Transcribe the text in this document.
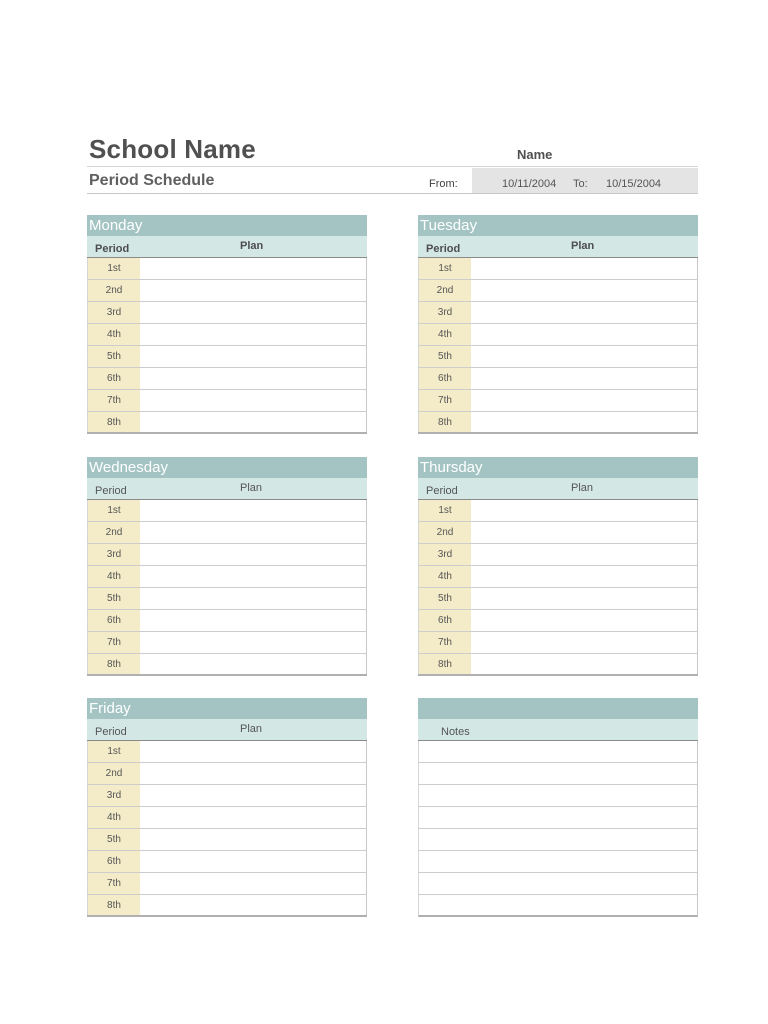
School Name	Name
Period Schedule	From:	10/11/2004 To: 10/15/2004
Monday
Period	Plan
1st
2nd
3rd
4th
5th
6th
7th
8th
Tuesday
Period	Plan
1st
2nd
3rd
4th
5th
6th
7th
8th
Wednesday
Period	Plan
1st
2nd
3rd
4th
5th
6th
7th
8th
Thursday
Period	Plan
1st
2nd
3rd
4th
5th
6th
7th
8th
Friday
Period	Plan
1st
2nd
3rd
4th
5th
6th
7th
8th
Notes
